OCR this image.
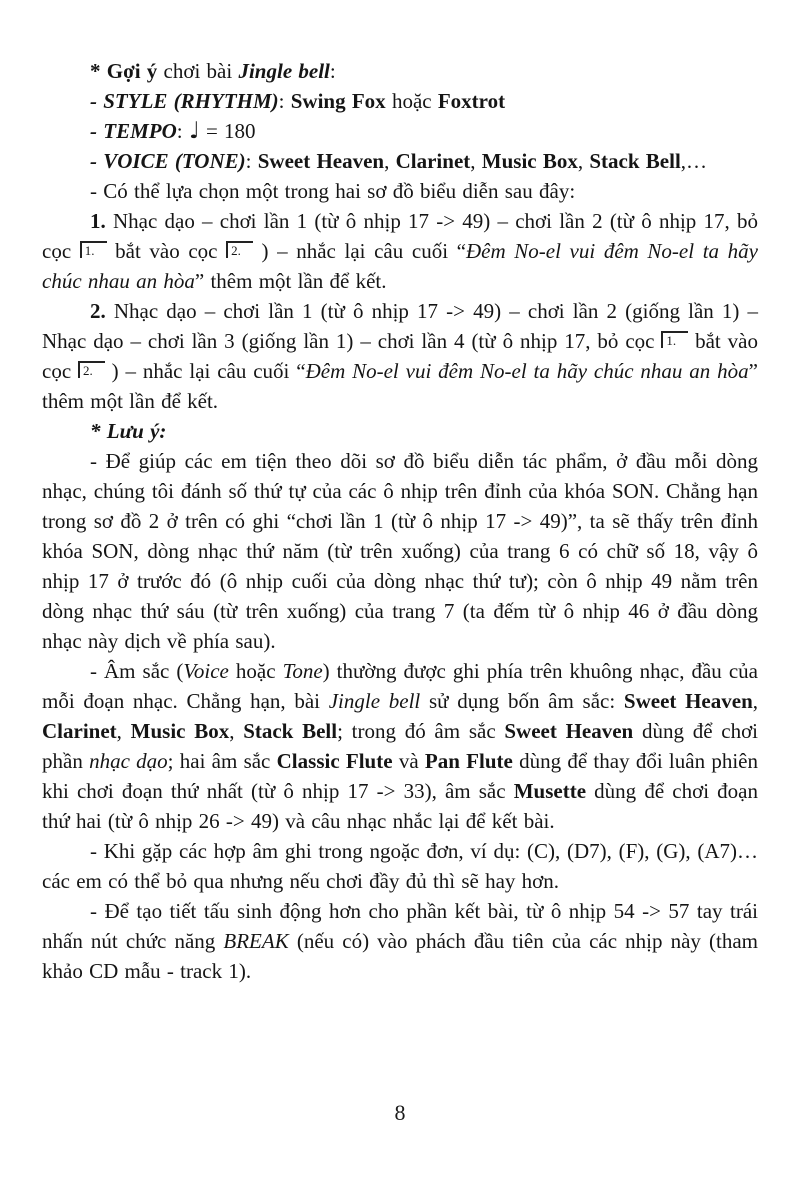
* Gợi ý chơi bài Jingle bell:

- STYLE (RHYTHM): Swing Fox hoặc Foxtrot

- TEMPO: ♩ = 180

- VOICE (TONE): Sweet Heaven, Clarinet, Music Box, Stack Bell,…

- Có thể lựa chọn một trong hai sơ đồ biểu diễn sau đây:

1. Nhạc dạo – chơi lần 1 (từ ô nhịp 17 -> 49) – chơi lần 2 (từ ô nhịp 17, bỏ cọc 1. bắt vào cọc 2. ) – nhắc lại câu cuối “Đêm No-el vui đêm No-el ta hãy chúc nhau an hòa” thêm một lần để kết.

2. Nhạc dạo – chơi lần 1 (từ ô nhịp 17 -> 49) – chơi lần 2 (giống lần 1) – Nhạc dạo – chơi lần 3 (giống lần 1) – chơi lần 4 (từ ô nhịp 17, bỏ cọc 1. bắt vào cọc 2. ) – nhắc lại câu cuối “Đêm No-el vui đêm No-el ta hãy chúc nhau an hòa” thêm một lần để kết.

* Lưu ý:

- Để giúp các em tiện theo dõi sơ đồ biểu diễn tác phẩm, ở đầu mỗi dòng nhạc, chúng tôi đánh số thứ tự của các ô nhịp trên đỉnh của khóa SON. Chẳng hạn trong sơ đồ 2 ở trên có ghi “chơi lần 1 (từ ô nhịp 17 -> 49)”, ta sẽ thấy trên đỉnh khóa SON, dòng nhạc thứ năm (từ trên xuống) của trang 6 có chữ số 18, vậy ô nhịp 17 ở trước đó (ô nhịp cuối của dòng nhạc thứ tư); còn ô nhịp 49 nằm trên dòng nhạc thứ sáu (từ trên xuống) của trang 7 (ta đếm từ ô nhịp 46 ở đầu dòng nhạc này dịch về phía sau).

- Âm sắc (Voice hoặc Tone) thường được ghi phía trên khuông nhạc, đầu của mỗi đoạn nhạc. Chẳng hạn, bài Jingle bell sử dụng bốn âm sắc: Sweet Heaven, Clarinet, Music Box, Stack Bell; trong đó âm sắc Sweet Heaven dùng để chơi phần nhạc dạo; hai âm sắc Classic Flute và Pan Flute dùng để thay đổi luân phiên khi chơi đoạn thứ nhất (từ ô nhịp 17 -> 33), âm sắc Musette dùng để chơi đoạn thứ hai (từ ô nhịp 26 -> 49) và câu nhạc nhắc lại để kết bài.

- Khi gặp các hợp âm ghi trong ngoặc đơn, ví dụ: (C), (D7), (F), (G), (A7)… các em có thể bỏ qua nhưng nếu chơi đầy đủ thì sẽ hay hơn.

- Để tạo tiết tấu sinh động hơn cho phần kết bài, từ ô nhịp 54 -> 57 tay trái nhấn nút chức năng BREAK (nếu có) vào phách đầu tiên của các nhịp này (tham khảo CD mẫu - track 1).

8
